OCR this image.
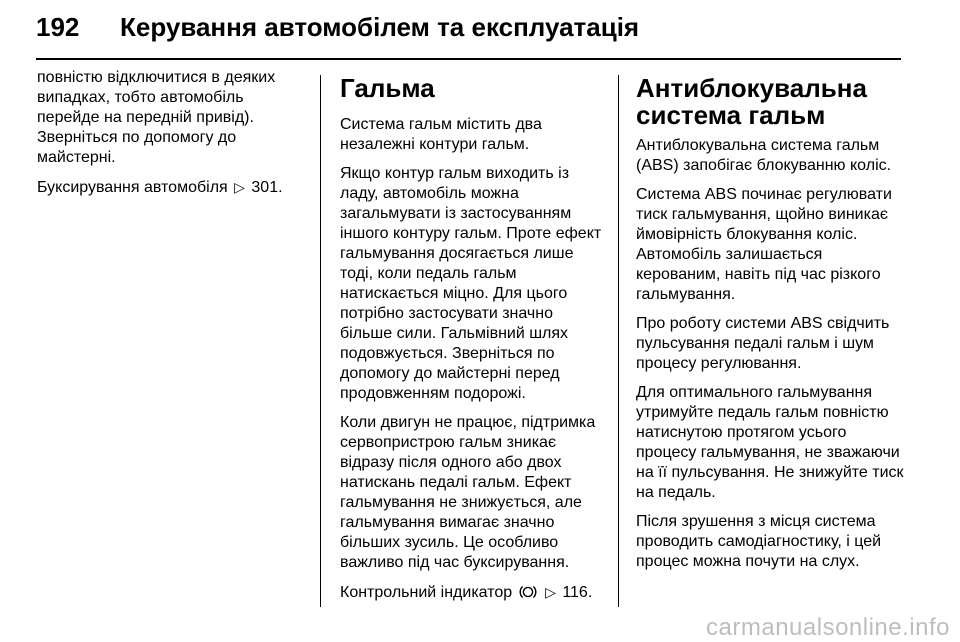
192 Керування автомобілем та експлуатація

повністю відключитися в деяких
випадках, тобто автомобіль
перейде на передній привід).
Зверніться по допомогу до
майстерні.

Буксирування автомобіля ▷ 301.

Гальма

Система гальм містить два
незалежні контури гальм.

Якщо контур гальм виходить із
ладу, автомобіль можна
загальмувати із застосуванням
іншого контуру гальм. Проте ефект
гальмування досягається лише
тоді, коли педаль гальм
натискається міцно. Для цього
потрібно застосувати значно
більше сили. Гальмівний шлях
подовжується. Зверніться по
допомогу до майстерні перед
продовженням подорожі.

Коли двигун не працює, підтримка
сервопристрою гальм зникає
відразу після одного або двох
натискань педалі гальм. Ефект
гальмування не знижується, але
гальмування вимагає значно
більших зусиль. Це особливо
важливо під час буксирування.

Контрольний індикатор ▷ 116.

Антиблокувальна
система гальм

Антиблокувальна система гальм
(ABS) запобігає блокуванню коліс.

Система ABS починає регулювати
тиск гальмування, щойно виникає
ймовірність блокування коліс.
Автомобіль залишається
керованим, навіть під час різкого
гальмування.

Про роботу системи ABS свідчить
пульсування педалі гальм і шум
процесу регулювання.

Для оптимального гальмування
утримуйте педаль гальм повністю
натиснутою протягом усього
процесу гальмування, не зважаючи
на її пульсування. Не знижуйте тиск
на педаль.

Після зрушення з місця система
проводить самодіагностику, і цей
процес можна почути на слух.

carmanualsonline.info
